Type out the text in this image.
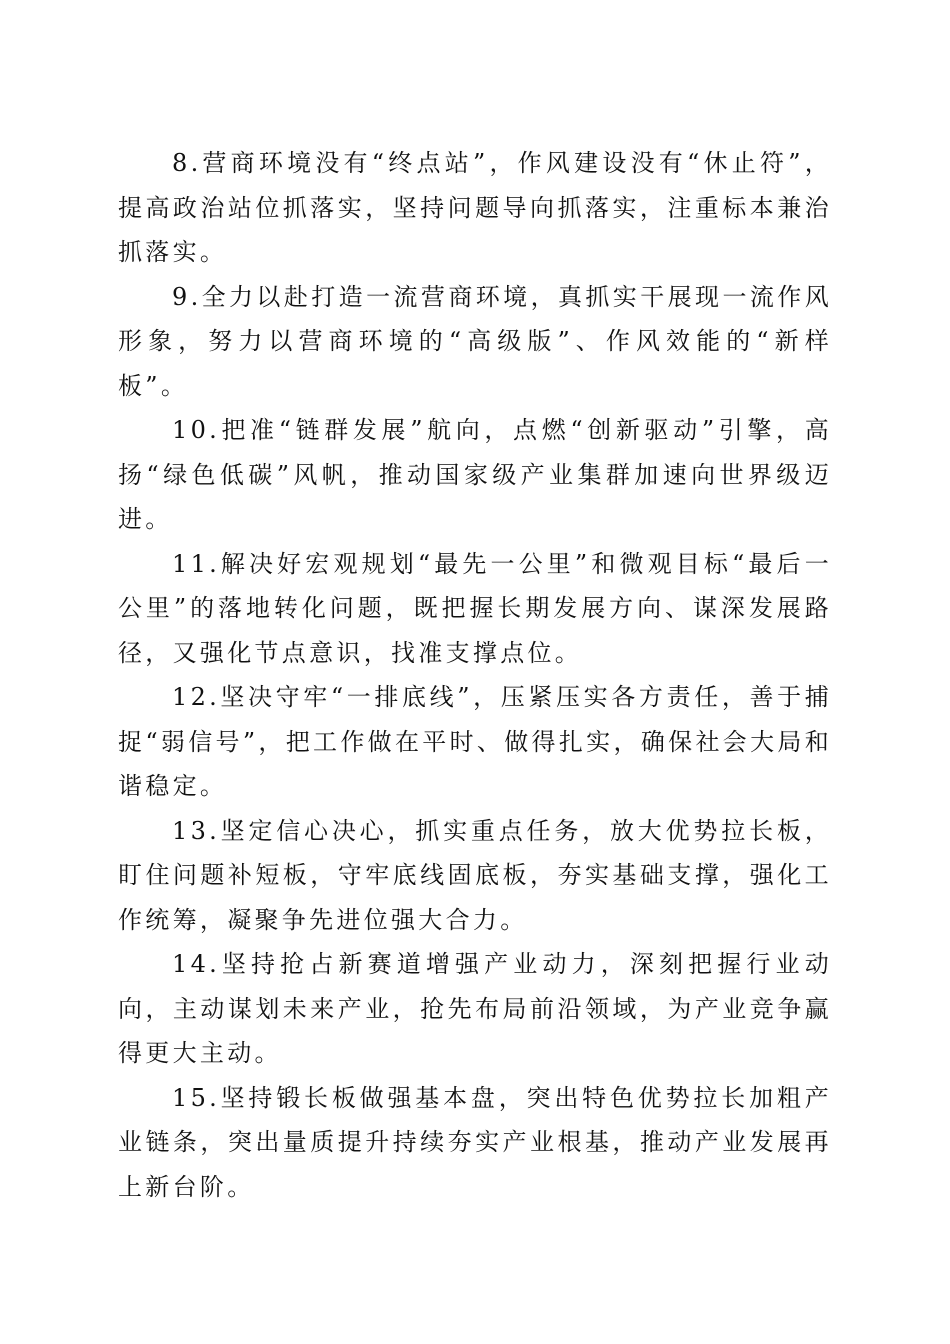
8.营商环境没有“终点站”，作风建设没有“休止符”，提高政治站位抓落实，坚持问题导向抓落实，注重标本兼治抓落实。

9.全力以赴打造一流营商环境，真抓实干展现一流作风形象，努力以营商环境的“高级版”、作风效能的“新样板”。

10.把准“链群发展”航向，点燃“创新驱动”引擎，高扬“绿色低碳”风帆，推动国家级产业集群加速向世界级迈进。

11.解决好宏观规划“最先一公里”和微观目标“最后一公里”的落地转化问题，既把握长期发展方向、谋深发展路径，又强化节点意识，找准支撑点位。

12.坚决守牢“一排底线”，压紧压实各方责任，善于捕捉“弱信号”，把工作做在平时、做得扎实，确保社会大局和谐稳定。

13.坚定信心决心，抓实重点任务，放大优势拉长板，盯住问题补短板，守牢底线固底板，夯实基础支撑，强化工作统筹，凝聚争先进位强大合力。

14.坚持抢占新赛道增强产业动力，深刻把握行业动向，主动谋划未来产业，抢先布局前沿领域，为产业竞争赢得更大主动。

15.坚持锻长板做强基本盘，突出特色优势拉长加粗产业链条，突出量质提升持续夯实产业根基，推动产业发展再上新台阶。
